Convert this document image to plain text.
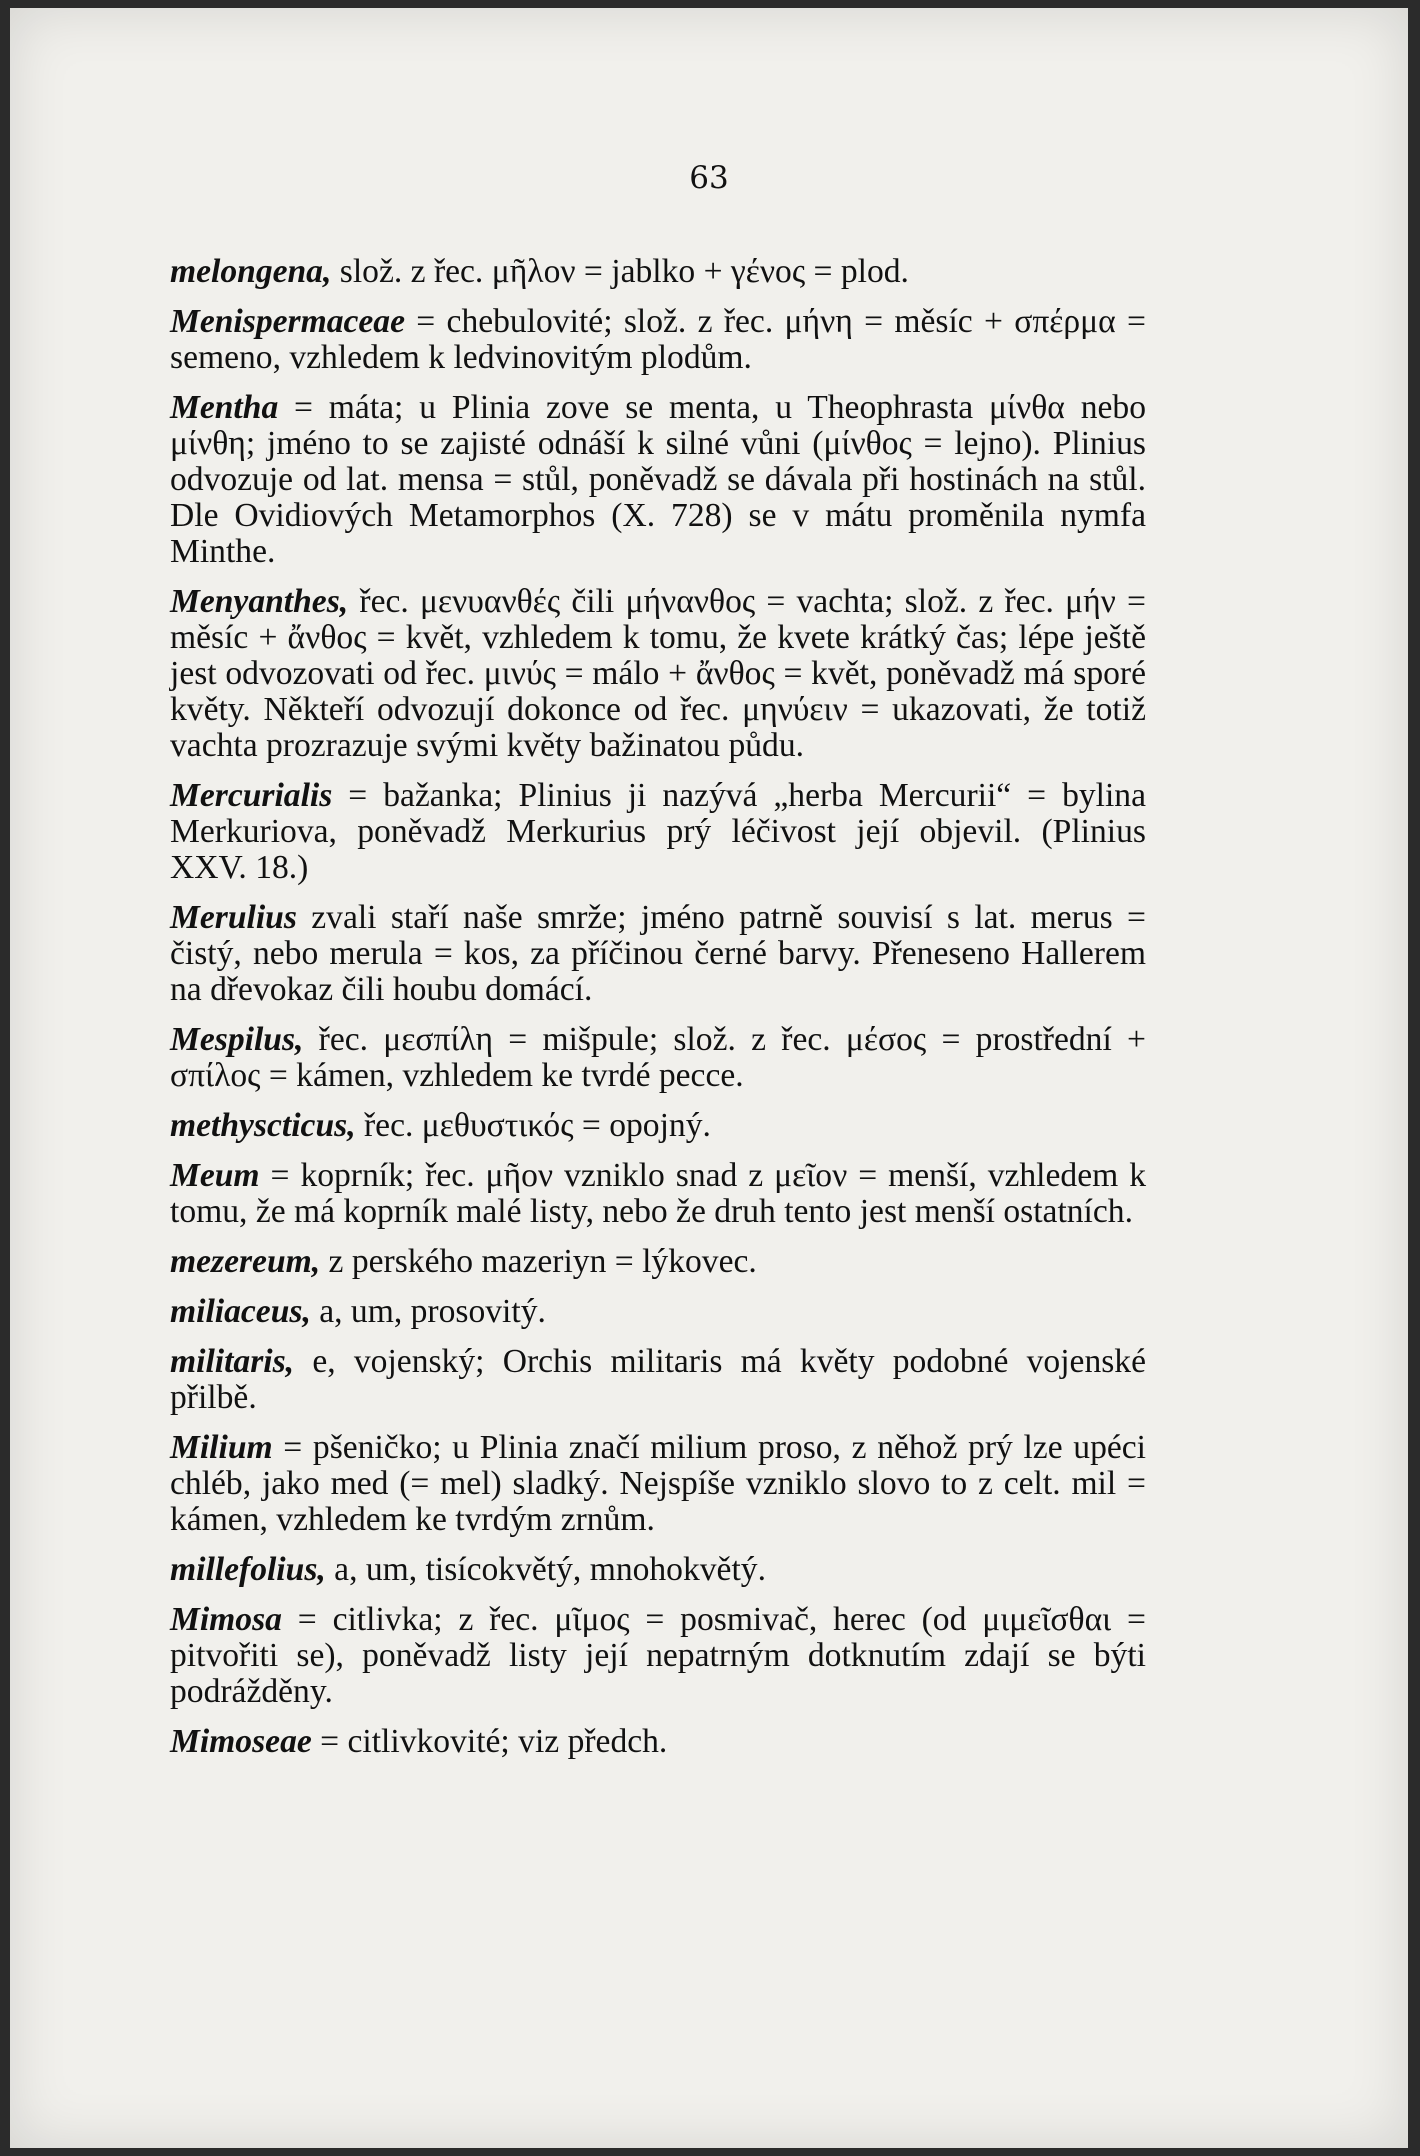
63

melongena, slož. z řec. μῆλον = jablko + γένος = plod.

Menispermaceae = chebulovité; slož. z řec. μήνη = měsíc + σπέρμα = semeno, vzhledem k ledvinovitým plodům.

Mentha = máta; u Plinia zove se menta, u Theophrasta μίνθα nebo μίνθη; jméno to se zajisté odnáší k silné vůni (μίνθος = lejno). Plinius odvozuje od lat. mensa = stůl, poněvadž se dávala při hostinách na stůl. Dle Ovidiových Metamorphos (X. 728) se v mátu proměnila nymfa Minthe.

Menyanthes, řec. μενυανθές čili μήνανθος = vachta; slož. z řec. μήν = měsíc + ἄνθος = květ, vzhledem k tomu, že kvete krátký čas; lépe ještě jest odvozovati od řec. μινύς = málo + ἄνθος = květ, poněvadž má sporé květy. Někteří odvozují dokonce od řec. μηνύειν = ukazovati, že totiž vachta prozrazuje svými květy bažinatou půdu.

Mercurialis = bažanka; Plinius ji nazývá „herba Mercurii“ = bylina Merkuriova, poněvadž Merkurius prý léčivost její objevil. (Plinius XXV. 18.)

Merulius zvali staří naše smrže; jméno patrně souvisí s lat. merus = čistý, nebo merula = kos, za příčinou černé barvy. Přeneseno Hallerem na dřevokaz čili houbu domácí.

Mespilus, řec. μεσπίλη = mišpule; slož. z řec. μέσος = prostřední + σπίλος = kámen, vzhledem ke tvrdé pecce.

methyscticus, řec. μεθυστικός = opojný.

Meum = koprník; řec. μῆον vzniklo snad z μεῖον = menší, vzhledem k tomu, že má koprník malé listy, nebo že druh tento jest menší ostatních.

mezereum, z perského mazeriyn = lýkovec.

miliaceus, a, um, prosovitý.

militaris, e, vojenský; Orchis militaris má květy podobné vojenské přilbě.

Milium = pšeničko; u Plinia značí milium proso, z něhož prý lze upéci chléb, jako med (= mel) sladký. Nejspíše vzniklo slovo to z celt. mil = kámen, vzhledem ke tvrdým zrnům.

millefolius, a, um, tisícokvětý, mnohokvětý.

Mimosa = citlivka; z řec. μῖμος = posmivač, herec (od μιμεῖσθαι = pitvořiti se), poněvadž listy její nepatrným dotknutím zdají se býti podrážděny.

Mimoseae = citlivkovité; viz předch.
